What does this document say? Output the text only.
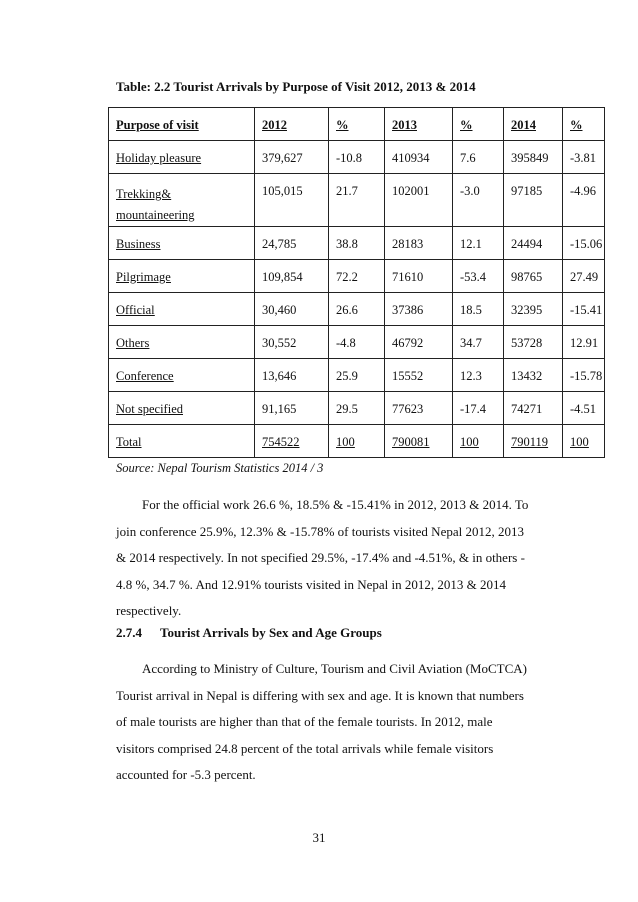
Table: 2.2 Tourist Arrivals by Purpose of Visit 2012, 2013 & 2014
Purpose of visit	2012	%	2013	%	2014	%

Holiday pleasure	379,627	-10.8	410934	7.6	395849	-3.81

Trekking&
mountaineering	105,015	21.7	102001	-3.0	97185	-4.96

Business	24,785	38.8	28183	12.1	24494	-15.06

Pilgrimage	109,854	72.2	71610	-53.4	98765	27.49

Official	30,460	26.6	37386	18.5	32395	-15.41

Others	30,552	-4.8	46792	34.7	53728	12.91

Conference	13,646	25.9	15552	12.3	13432	-15.78

Not specified	91,165	29.5	77623	-17.4	74271	-4.51

Total	754522	100	790081	100	790119	100
Source: Nepal Tourism Statistics 2014 / 3
For the official work 26.6 %, 18.5% & -15.41% in 2012, 2013 & 2014. To
join conference 25.9%, 12.3% & -15.78% of tourists visited Nepal 2012, 2013
& 2014 respectively. In not specified 29.5%, -17.4% and -4.51%, & in others -
4.8 %, 34.7 %. And 12.91% tourists visited in Nepal in 2012, 2013 & 2014
respectively.
2.7.4 Tourist Arrivals by Sex and Age Groups
According to Ministry of Culture, Tourism and Civil Aviation (MoCTCA)
Tourist arrival in Nepal is differing with sex and age. It is known that numbers
of male tourists are higher than that of the female tourists. In 2012, male
visitors comprised 24.8 percent of the total arrivals while female visitors
accounted for -5.3 percent.
31
